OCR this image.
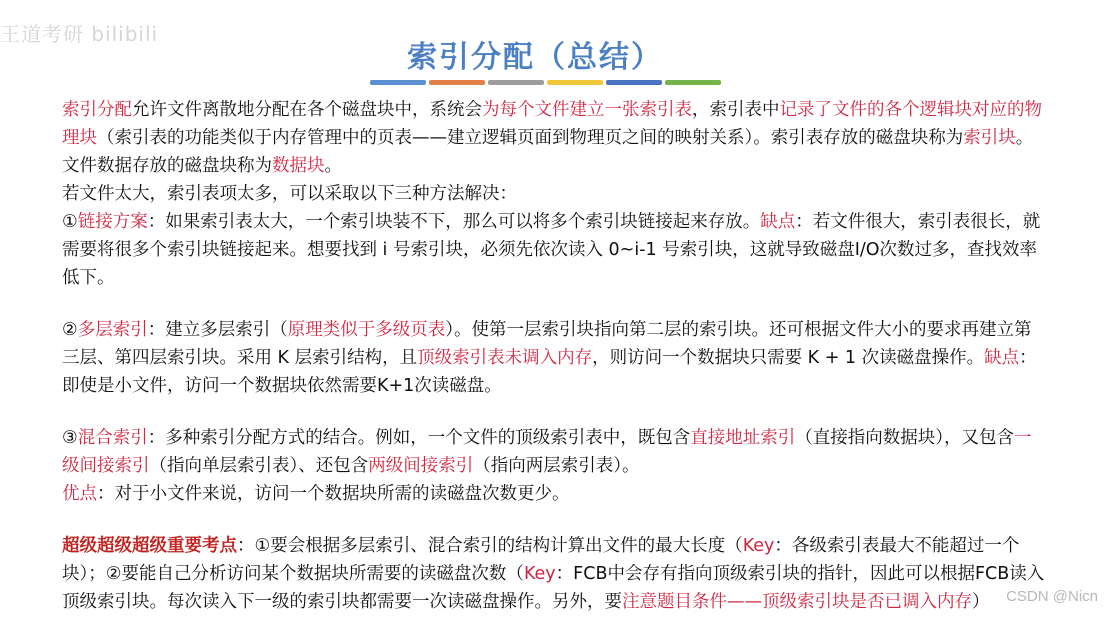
王道考研 bilibili
索引分配（总结）

索引分配允许文件离散地分配在各个磁盘块中，系统会为每个文件建立一张索引表，索引表中记录了文件的各个逻辑块对应的物理块（索引表的功能类似于内存管理中的页表——建立逻辑页面到物理页之间的映射关系）。索引表存放的磁盘块称为索引块。文件数据存放的磁盘块称为数据块。

若文件太大，索引表项太多，可以采取以下三种方法解决：

①链接方案：如果索引表太大，一个索引块装不下，那么可以将多个索引块链接起来存放。缺点：若文件很大，索引表很长，就需要将很多个索引块链接起来。想要找到 i 号索引块，必须先依次读入 0~i-1 号索引块，这就导致磁盘I/O次数过多，查找效率低下。

②多层索引：建立多层索引（原理类似于多级页表）。使第一层索引块指向第二层的索引块。还可根据文件大小的要求再建立第三层、第四层索引块。采用 K 层索引结构，且顶级索引表未调入内存，则访问一个数据块只需要 K + 1 次读磁盘操作。缺点：即使是小文件，访问一个数据块依然需要K+1次读磁盘。

③混合索引：多种索引分配方式的结合。例如，一个文件的顶级索引表中，既包含直接地址索引（直接指向数据块），又包含一级间接索引（指向单层索引表）、还包含两级间接索引（指向两层索引表）。
优点：对于小文件来说，访问一个数据块所需的读磁盘次数更少。

超级超级超级重要考点：①要会根据多层索引、混合索引的结构计算出文件的最大长度（Key：各级索引表最大不能超过一个块）；②要能自己分析访问某个数据块所需要的读磁盘次数（Key：FCB中会存有指向顶级索引块的指针，因此可以根据FCB读入顶级索引块。每次读入下一级的索引块都需要一次读磁盘操作。另外，要注意题目条件——顶级索引块是否已调入内存）	CSDN @Nicn
